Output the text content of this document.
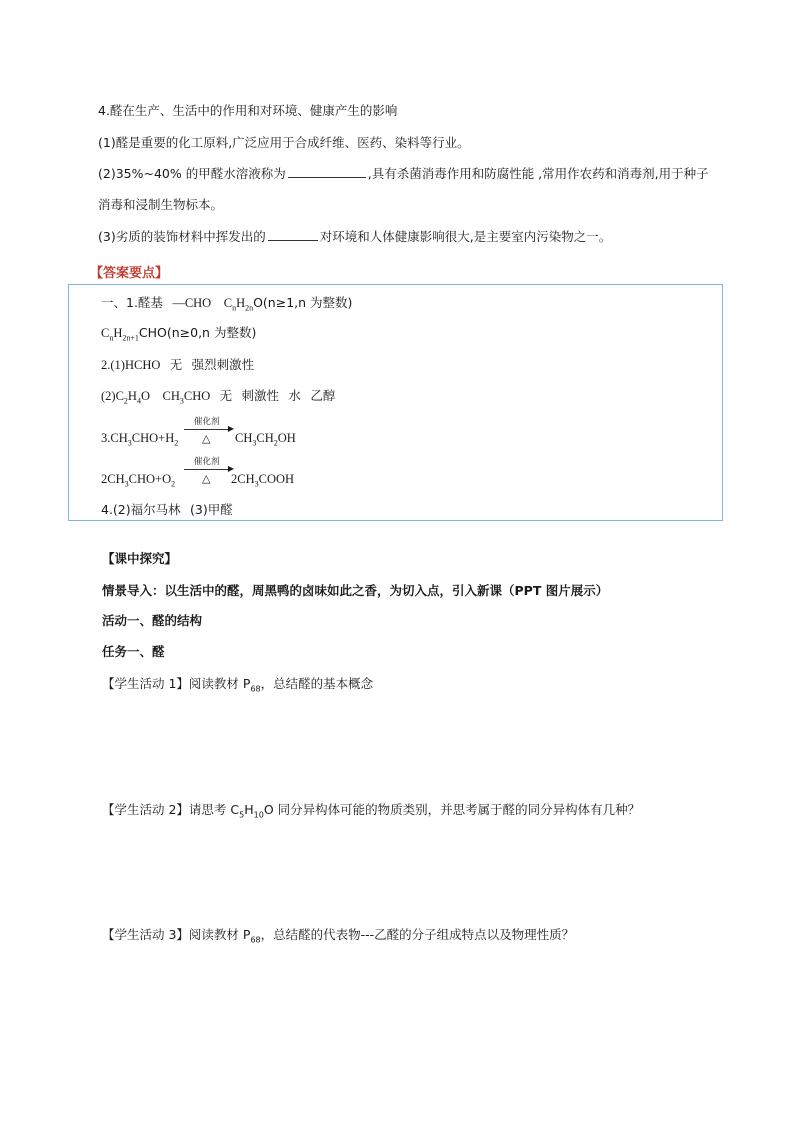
4.醛在生产、生活中的作用和对环境、健康产生的影响
(1)醛是重要的化工原料,广泛应用于合成纤维、医药、染料等行业。
(2)35%~40% 的甲醛水溶液称为	,具有杀菌消毒作用和防腐性能 ,常用作农药和消毒剂,用于种子
消毒和浸制生物标本。
(3)劣质的装饰材料中挥发出的	对环境和人体健康影响很大,是主要室内污染物之一。
【答案要点】
一、1.醛基 —CHO $C_nH_{2n}O(n\ge 1,n$ 为整数)
$C_nH_{2n+1}CHO(n\ge 0,n$ 为整数)
2.(1)HCHO 无 强烈刺激性
$(2)C_2H_4O$ $CH_3CHO$ 无 刺激性 水 乙醇
$3.CH_3CHO+H_2$
催化剂
▶
△ $CH_3CH_2OH$
$2CH_3CHO+O_2$
催化剂
▶
△ $2CH_3COOH$
4.(2)福尔马林 (3)甲醛
【课中探究】
情景导入：以生活中的醛，周黑鸭的卤味如此之香，为切入点，引入新课（PPT 图片展示）
活动一、醛的结构
任务一、醛
【学生活动 1】阅读教材 $P_{68}$，总结醛的基本概念
【学生活动 2】请思考 $C_5H_{10}O$ 同分异构体可能的物质类别，并思考属于醛的同分异构体有几种？
【学生活动 3】阅读教材 $P_{68}$，总结醛的代表物---乙醛的分子组成特点以及物理性质？
